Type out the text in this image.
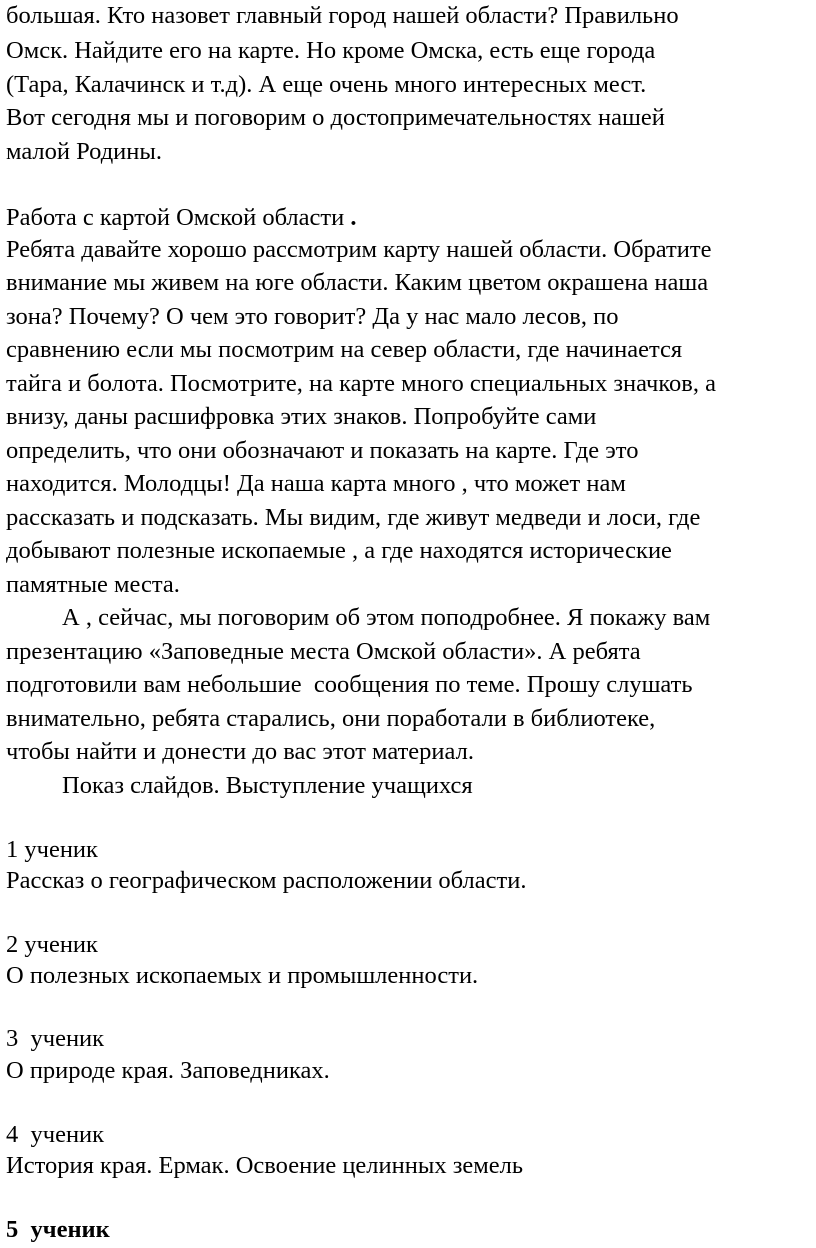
большая. Кто назовет главный город нашей области? Правильно

Омск. Найдите его на карте. Но кроме Омска, есть еще города

(Тара, Калачинск и т.д). А еще очень много интересных мест.

Вот сегодня мы и поговорим о достопримечательностях нашей

малой Родины.

Работа с картой Омской области .

Ребята давайте хорошо рассмотрим карту нашей области. Обратите

внимание мы живем на юге области. Каким цветом окрашена наша

зона? Почему? О чем это говорит? Да у нас мало лесов, по

сравнению если мы посмотрим на север области, где начинается

тайга и болота. Посмотрите, на карте много специальных значков, а

внизу, даны расшифровка этих знаков. Попробуйте сами

определить, что они обозначают и показать на карте. Где это

находится. Молодцы! Да наша карта много , что может нам

рассказать и подсказать. Мы видим, где живут медведи и лоси, где

добывают полезные ископаемые , а где находятся исторические

памятные места.

А , сейчас, мы поговорим об этом поподробнее. Я покажу вам

презентацию «Заповедные места Омской области». А ребята

подготовили вам небольшие  сообщения по теме. Прошу слушать

внимательно, ребята старались, они поработали в библиотеке,

чтобы найти и донести до вас этот материал.

Показ слайдов. Выступление учащихся

1 ученик

Рассказ о географическом расположении области.

2 ученик

О полезных ископаемых и промышленности.

3  ученик

О природе края. Заповедниках.

4  ученик

История края. Ермак. Освоение целинных земель

5  ученик
